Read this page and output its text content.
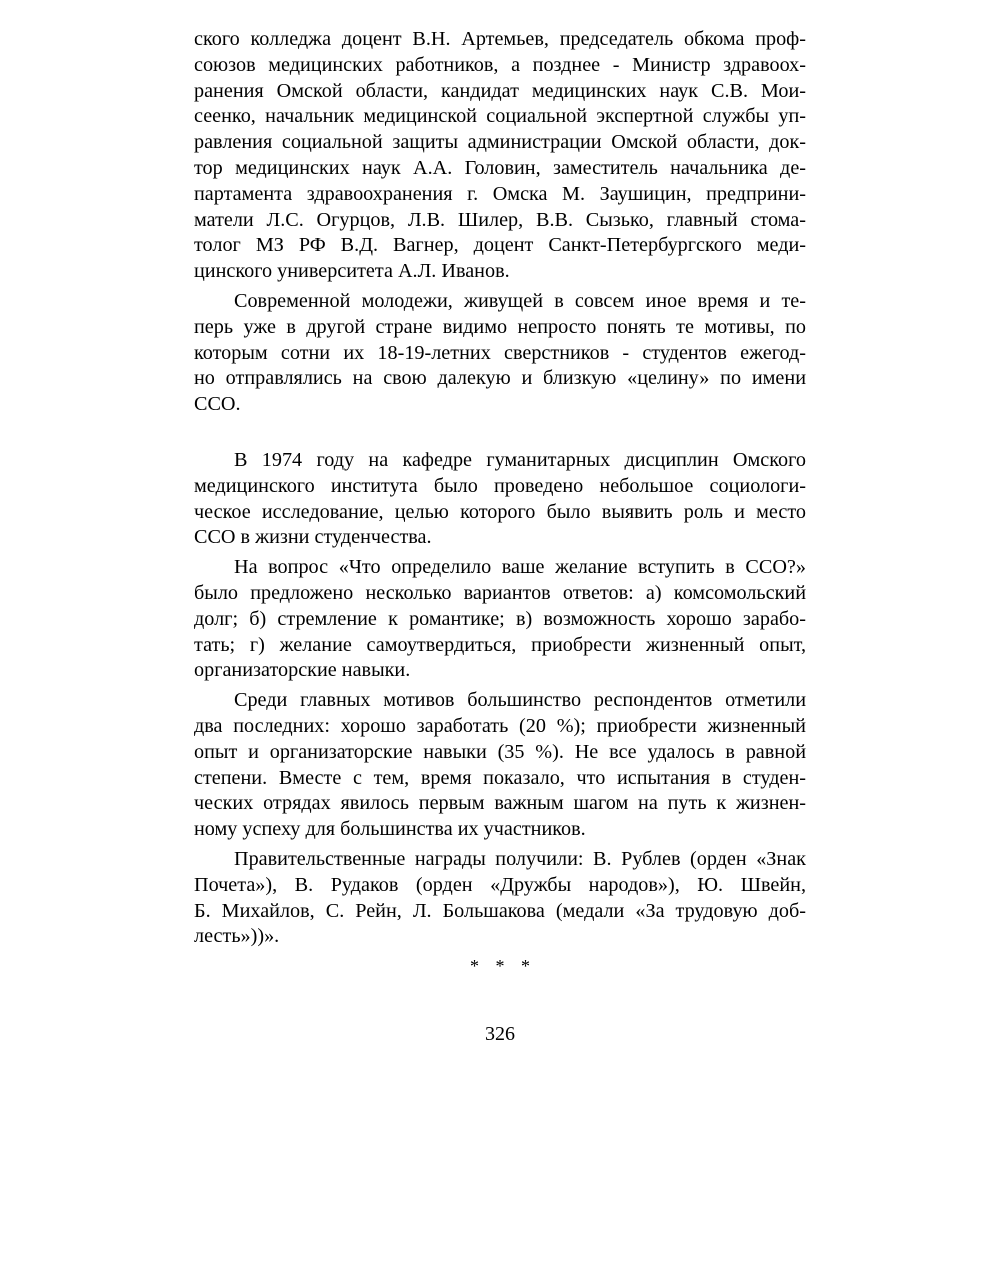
ского колледжа доцент В.Н. Артемьев, председатель обкома проф-
союзов медицинских работников, а позднее - Министр здравоох-
ранения Омской области, кандидат медицинских наук С.В. Мои-
сеенко, начальник медицинской социальной экспертной службы уп-
равления социальной защиты администрации Омской области, док-
тор медицинских наук А.А. Головин, заместитель начальника де-
партамента здравоохранения г. Омска М. Заушицин, предприни-
матели Л.С. Огурцов, Л.В. Шилер, В.В. Сызько, главный стома-
толог МЗ РФ В.Д. Вагнер, доцент Санкт-Петербургского меди-
цинского университета А.Л. Иванов.
Современной молодежи, живущей в совсем иное время и те-
перь уже в другой стране видимо непросто понять те мотивы, по
которым сотни их 18-19-летних сверстников - студентов ежегод-
но отправлялись на свою далекую и близкую «целину» по имени
ССО.
В 1974 году на кафедре гуманитарных дисциплин Омского
медицинского института было проведено небольшое социологи-
ческое исследование, целью которого было выявить роль и место
ССО в жизни студенчества.
На вопрос «Что определило ваше желание вступить в ССО?»
было предложено несколько вариантов ответов: а) комсомольский
долг; б) стремление к романтике; в) возможность хорошо зарабо-
тать; г) желание самоутвердиться, приобрести жизненный опыт,
организаторские навыки.
Среди главных мотивов большинство респондентов отметили
два последних: хорошо заработать (20 %); приобрести жизненный
опыт и организаторские навыки (35 %). Не все удалось в равной
степени. Вместе с тем, время показало, что испытания в студен-
ческих отрядах явилось первым важным шагом на путь к жизнен-
ному успеху для большинства их участников.
Правительственные награды получили: В. Рублев (орден «Знак
Почета»), В. Рудаков (орден «Дружбы народов»), Ю. Швейн,
Б. Михайлов, С. Рейн, Л. Большакова (медали «За трудовую доб-
лесть»))».
* * *
326
